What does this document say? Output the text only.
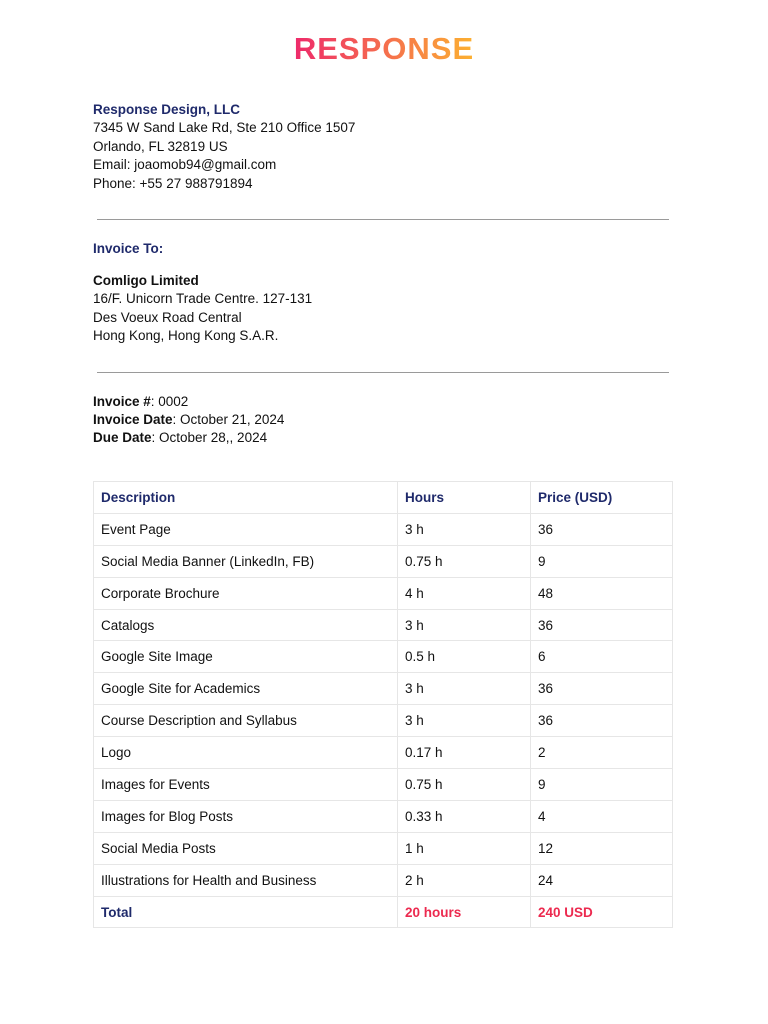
RESPONSE
Response Design, LLC
7345 W Sand Lake Rd, Ste 210 Office 1507
Orlando, FL 32819 US
Email: joaomob94@gmail.com
Phone: +55 27 988791894
Invoice To:
Comligo Limited
16/F. Unicorn Trade Centre. 127-131
Des Voeux Road Central
Hong Kong, Hong Kong S.A.R.
Invoice #: 0002
Invoice Date: October 21, 2024
Due Date: October 28,, 2024
Description	Hours	Price (USD)
Event Page	3 h	36
Social Media Banner (LinkedIn, FB)	0.75 h	9
Corporate Brochure	4 h	48
Catalogs	3 h	36
Google Site Image	0.5 h	6
Google Site for Academics	3 h	36
Course Description and Syllabus	3 h	36
Logo	0.17 h	2
Images for Events	0.75 h	9
Images for Blog Posts	0.33 h	4
Social Media Posts	1 h	12
Illustrations for Health and Business	2 h	24
Total	20 hours	240 USD
